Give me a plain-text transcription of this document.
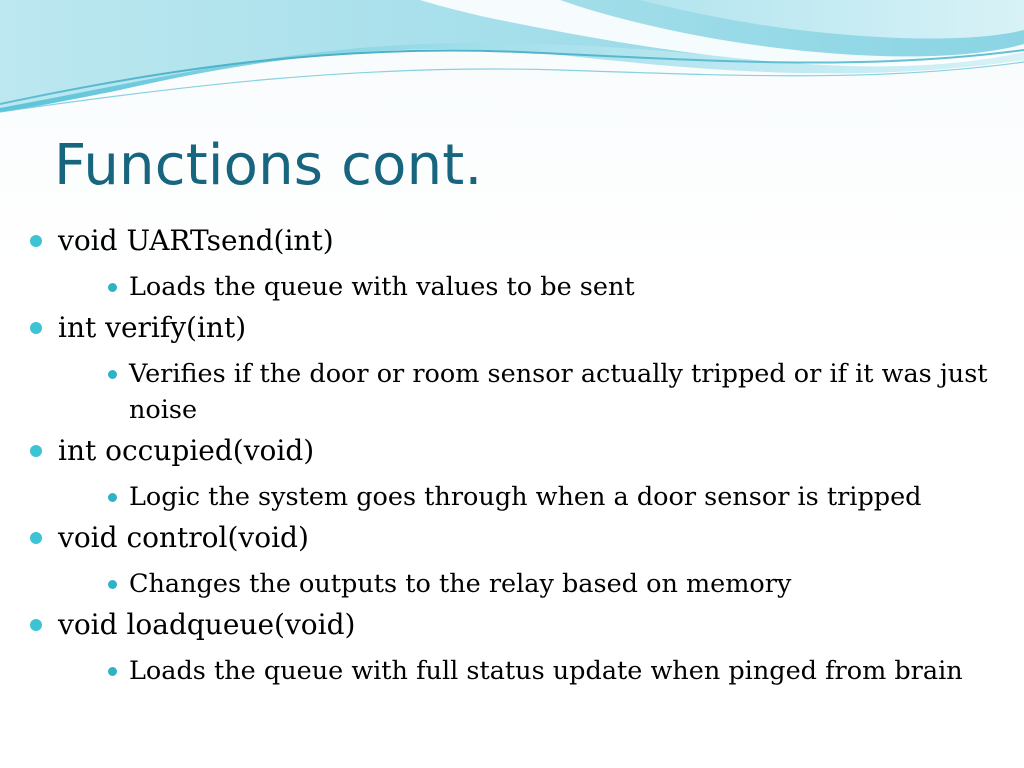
Functions cont.
void UARTsend(int)
Loads the queue with values to be sent
int verify(int)
Verifies if the door or room sensor actually tripped or if it was just noise
int occupied(void)
Logic the system goes through when a door sensor is tripped
void control(void)
Changes the outputs to the relay based on memory
void loadqueue(void)
Loads the queue with full status update when pinged from brain
